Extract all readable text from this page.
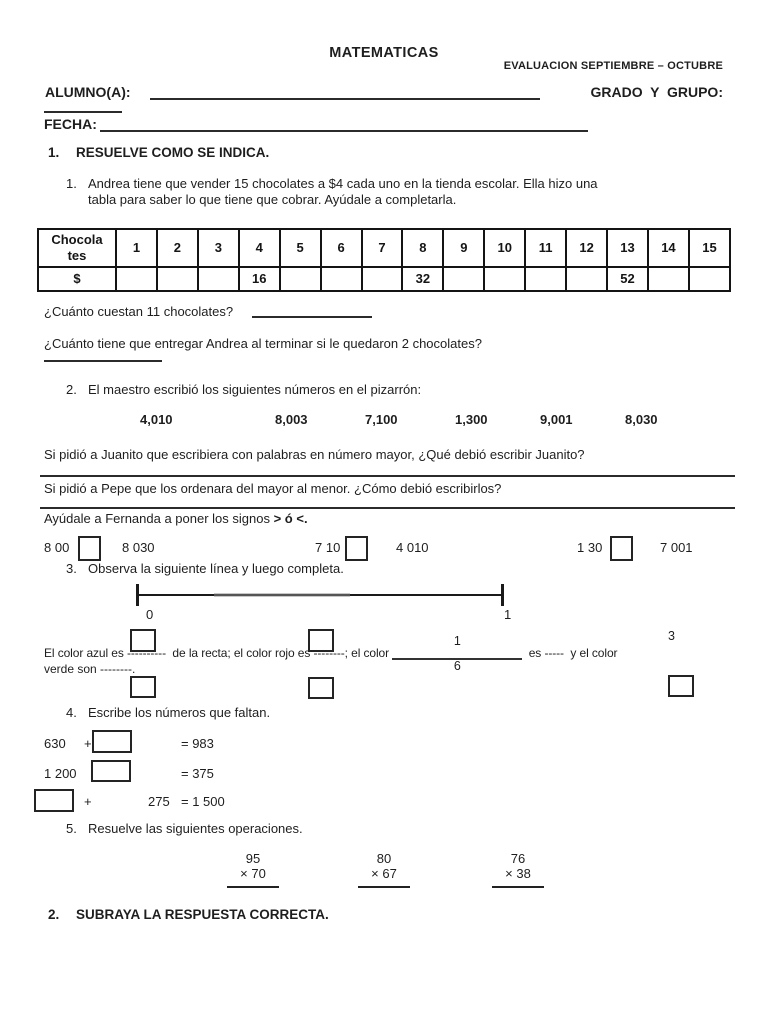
MATEMATICAS
EVALUACION SEPTIEMBRE – OCTUBRE
ALUMNO(A):	GRADO  Y  GRUPO:
FECHA:
1. RESUELVE COMO SE INDICA.
1. Andrea tiene que vender 15 chocolates a $4 cada uno en la tienda escolar. Ella hizo una
tabla para saber lo que tiene que cobrar. Ayúdale a completarla.
Chocola
tes	1	2	3	4	5	6	7	8	9	10	11	12	13	14	15
$				16				32					52		
¿Cuánto cuestan 11 chocolates?
¿Cuánto tiene que entregar Andrea al terminar si le quedaron 2 chocolates?
2. El maestro escribió los siguientes números en el pizarrón:
4,010	8,003	7,100	1,300	9,001	8,030
Si pidió a Juanito que escribiera con palabras en número mayor, ¿Qué debió escribir Juanito?
Si pidió a Pepe que los ordenara del mayor al menor. ¿Cómo debió escribirlos?
Ayúdale a Fernanda a poner los signos > ó <.
8 00	8 030	7 10	4 010	1 30	7 001
3. Observa la siguiente línea y luego completa.
0	1
3
El color azul es ----------  de la recta; el color rojo es --------; el color

$\frac{1}{6}$

es ----- y el color
verde son --------.
4. Escribe los números que faltan.
630 +	= 983
1 200	= 375
+	275 = 1 500
5. Resuelve las siguientes operaciones.
95
× 70
80
× 67
76
× 38
2. SUBRAYA LA RESPUESTA CORRECTA.
